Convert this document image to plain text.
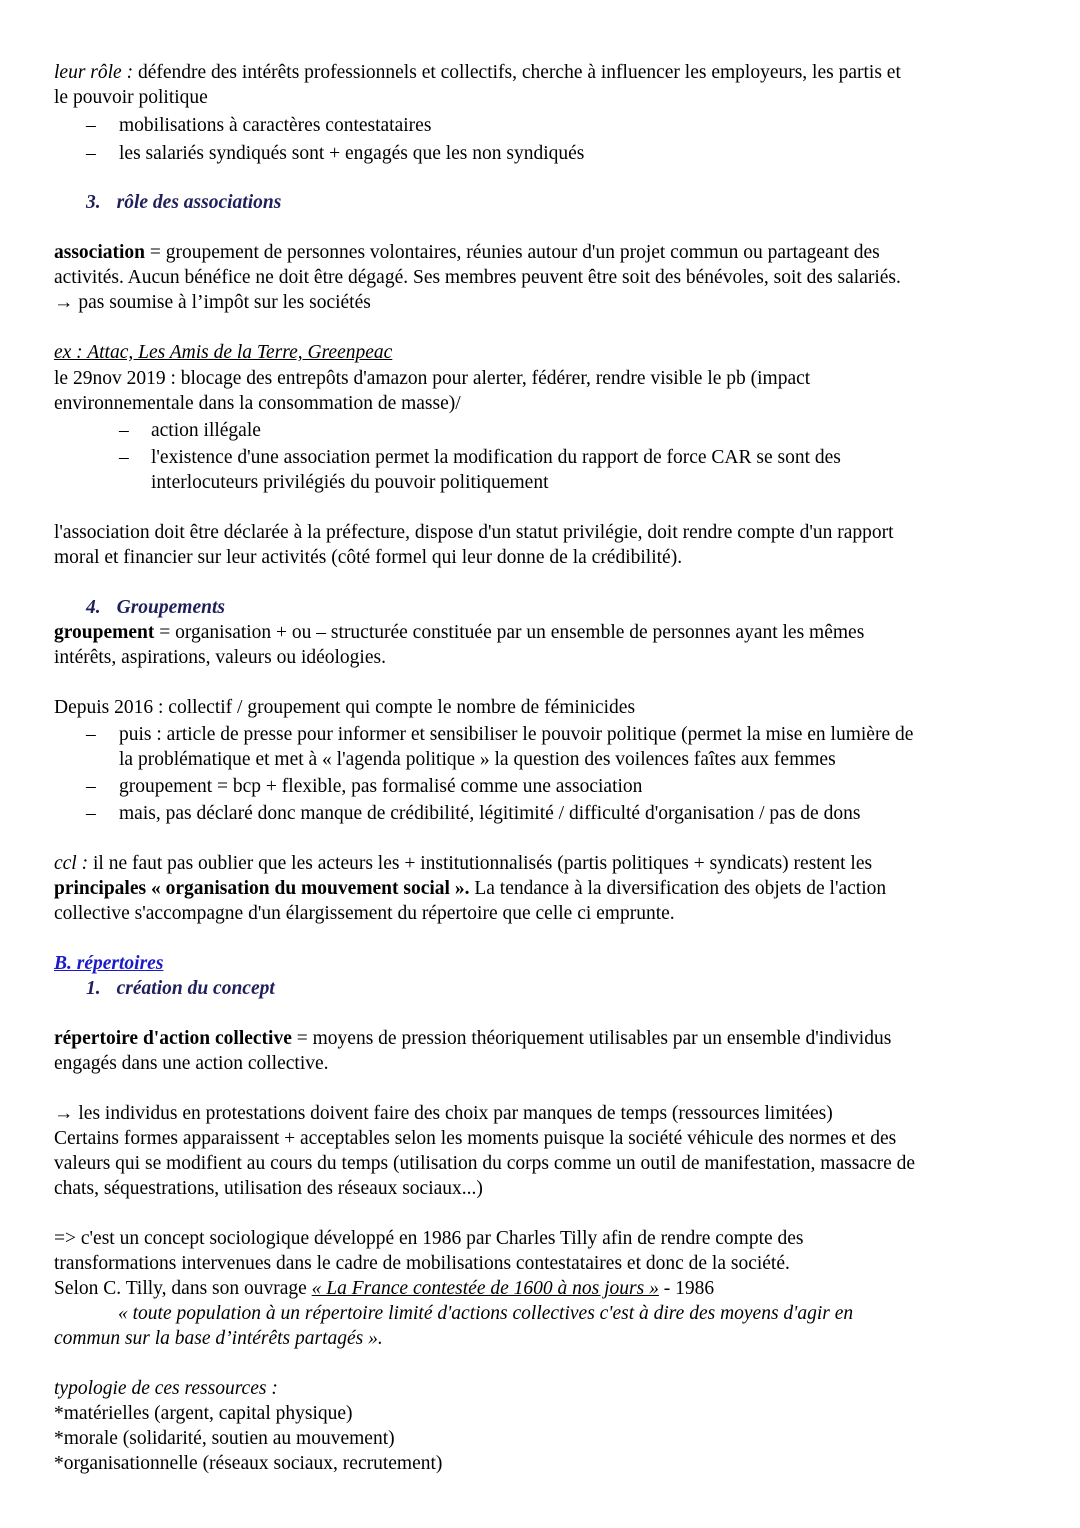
leur rôle : défendre des intérêts professionnels et collectifs, cherche à influencer les employeurs, les partis et
le pouvoir politique
– mobilisations à caractères contestataires
– les salariés syndiqués sont + engagés que les non syndiqués
3. rôle des associations
association = groupement de personnes volontaires, réunies autour d'un projet commun ou partageant des
activités. Aucun bénéfice ne doit être dégagé. Ses membres peuvent être soit des bénévoles, soit des salariés.
→ pas soumise à l’impôt sur les sociétés
ex : Attac, Les Amis de la Terre, Greenpeac
le 29nov 2019 : blocage des entrepôts d'amazon pour alerter, fédérer, rendre visible le pb (impact
environnementale dans la consommation de masse)/
– action illégale
– l'existence d'une association permet la modification du rapport de force CAR se sont des
interlocuteurs privilégiés du pouvoir politiquement
l'association doit être déclarée à la préfecture, dispose d'un statut privilégie, doit rendre compte d'un rapport
moral et financier sur leur activités (côté formel qui leur donne de la crédibilité).
4. Groupements
groupement = organisation + ou – structurée constituée par un ensemble de personnes ayant les mêmes
intérêts, aspirations, valeurs ou idéologies.
Depuis 2016 : collectif / groupement qui compte le nombre de féminicides
– puis : article de presse pour informer et sensibiliser le pouvoir politique (permet la mise en lumière de
la problématique et met à « l'agenda politique » la question des voilences faîtes aux femmes
– groupement = bcp + flexible, pas formalisé comme une association
– mais, pas déclaré donc manque de crédibilité, légitimité / difficulté d'organisation / pas de dons
ccl : il ne faut pas oublier que les acteurs les + institutionnalisés (partis politiques + syndicats) restent les
principales « organisation du mouvement social ». La tendance à la diversification des objets de l'action
collective s'accompagne d'un élargissement du répertoire que celle ci emprunte.
B. répertoires
1. création du concept
répertoire d'action collective = moyens de pression théoriquement utilisables par un ensemble d'individus
engagés dans une action collective.
→ les individus en protestations doivent faire des choix par manques de temps (ressources limitées)
Certains formes apparaissent + acceptables selon les moments puisque la société véhicule des normes et des
valeurs qui se modifient au cours du temps (utilisation du corps comme un outil de manifestation, massacre de
chats, séquestrations, utilisation des réseaux sociaux...)
=> c'est un concept sociologique développé en 1986 par Charles Tilly afin de rendre compte des
transformations intervenues dans le cadre de mobilisations contestataires et donc de la société.
Selon C. Tilly, dans son ouvrage « La France contestée de 1600 à nos jours » - 1986
« toute population à un répertoire limité d'actions collectives c'est à dire des moyens d'agir en
commun sur la base d’intérêts partagés ».
typologie de ces ressources :
*matérielles (argent, capital physique)
*morale (solidarité, soutien au mouvement)
*organisationnelle (réseaux sociaux, recrutement)
